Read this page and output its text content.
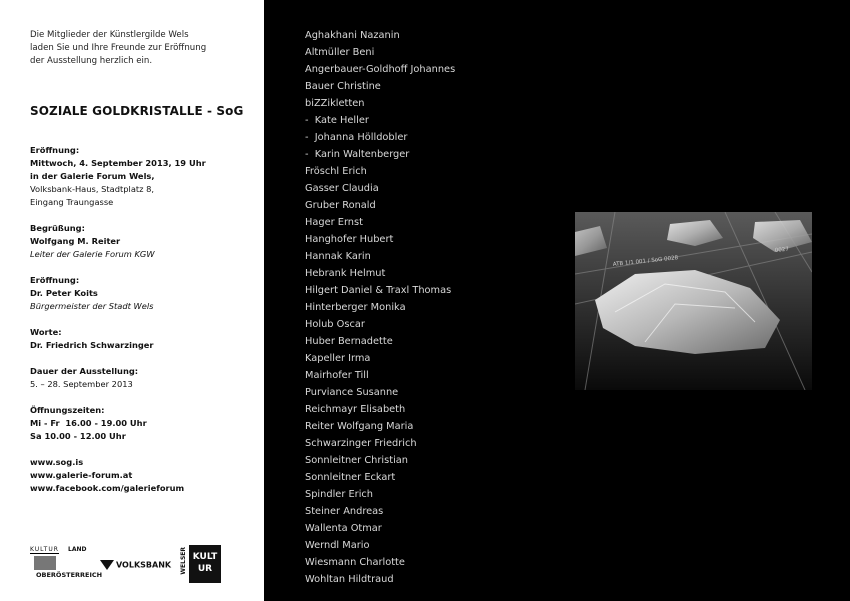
Die Mitglieder der Künstlergilde Wels
laden Sie und Ihre Freunde zur Eröffnung
der Ausstellung herzlich ein.
SOZIALE GOLDKRISTALLE - SoG
Eröffnung:
Mittwoch, 4. September 2013, 19 Uhr
in der Galerie Forum Wels,
Volksbank-Haus, Stadtplatz 8,
Eingang Traungasse
Begrüßung:
Wolfgang M. Reiter
Leiter der Galerie Forum KGW
Eröffnung:
Dr. Peter Koits
Bürgermeister der Stadt Wels
Worte:
Dr. Friedrich Schwarzinger
Dauer der Ausstellung:
5. – 28. September 2013
Öffnungszeiten:
Mi - Fr  16.00 - 19.00 Uhr
Sa 10.00 - 12.00 Uhr
www.sog.is
www.galerie-forum.at
www.facebook.com/galerieforum
KULTUR LAND
OBERÖSTERREICH
VOLKSBANK WELSER KULT
UR
Aghakhani Nazanin
Altmüller Beni
Angerbauer-Goldhoff Johannes
Bauer Christine
biZZikletten
-  Kate Heller
-  Johanna Hölldobler
-  Karin Waltenberger
Fröschl Erich
Gasser Claudia
Gruber Ronald
Hager Ernst
Hanghofer Hubert
Hannak Karin
Hebrank Helmut
Hilgert Daniel & Traxl Thomas
Hinterberger Monika
Holub Oscar
Huber Bernadette
Kapeller Irma
Mairhofer Till
Purviance Susanne
Reichmayr Elisabeth
Reiter Wolfgang Maria
Schwarzinger Friedrich
Sonnleitner Christian
Sonnleitner Eckart
Spindler Erich
Steiner Andreas
Wallenta Otmar
Werndl Mario
Wiesmann Charlotte
Wohltan Hildtraud
ATB 1/1 001 / SoG 0028
0027
